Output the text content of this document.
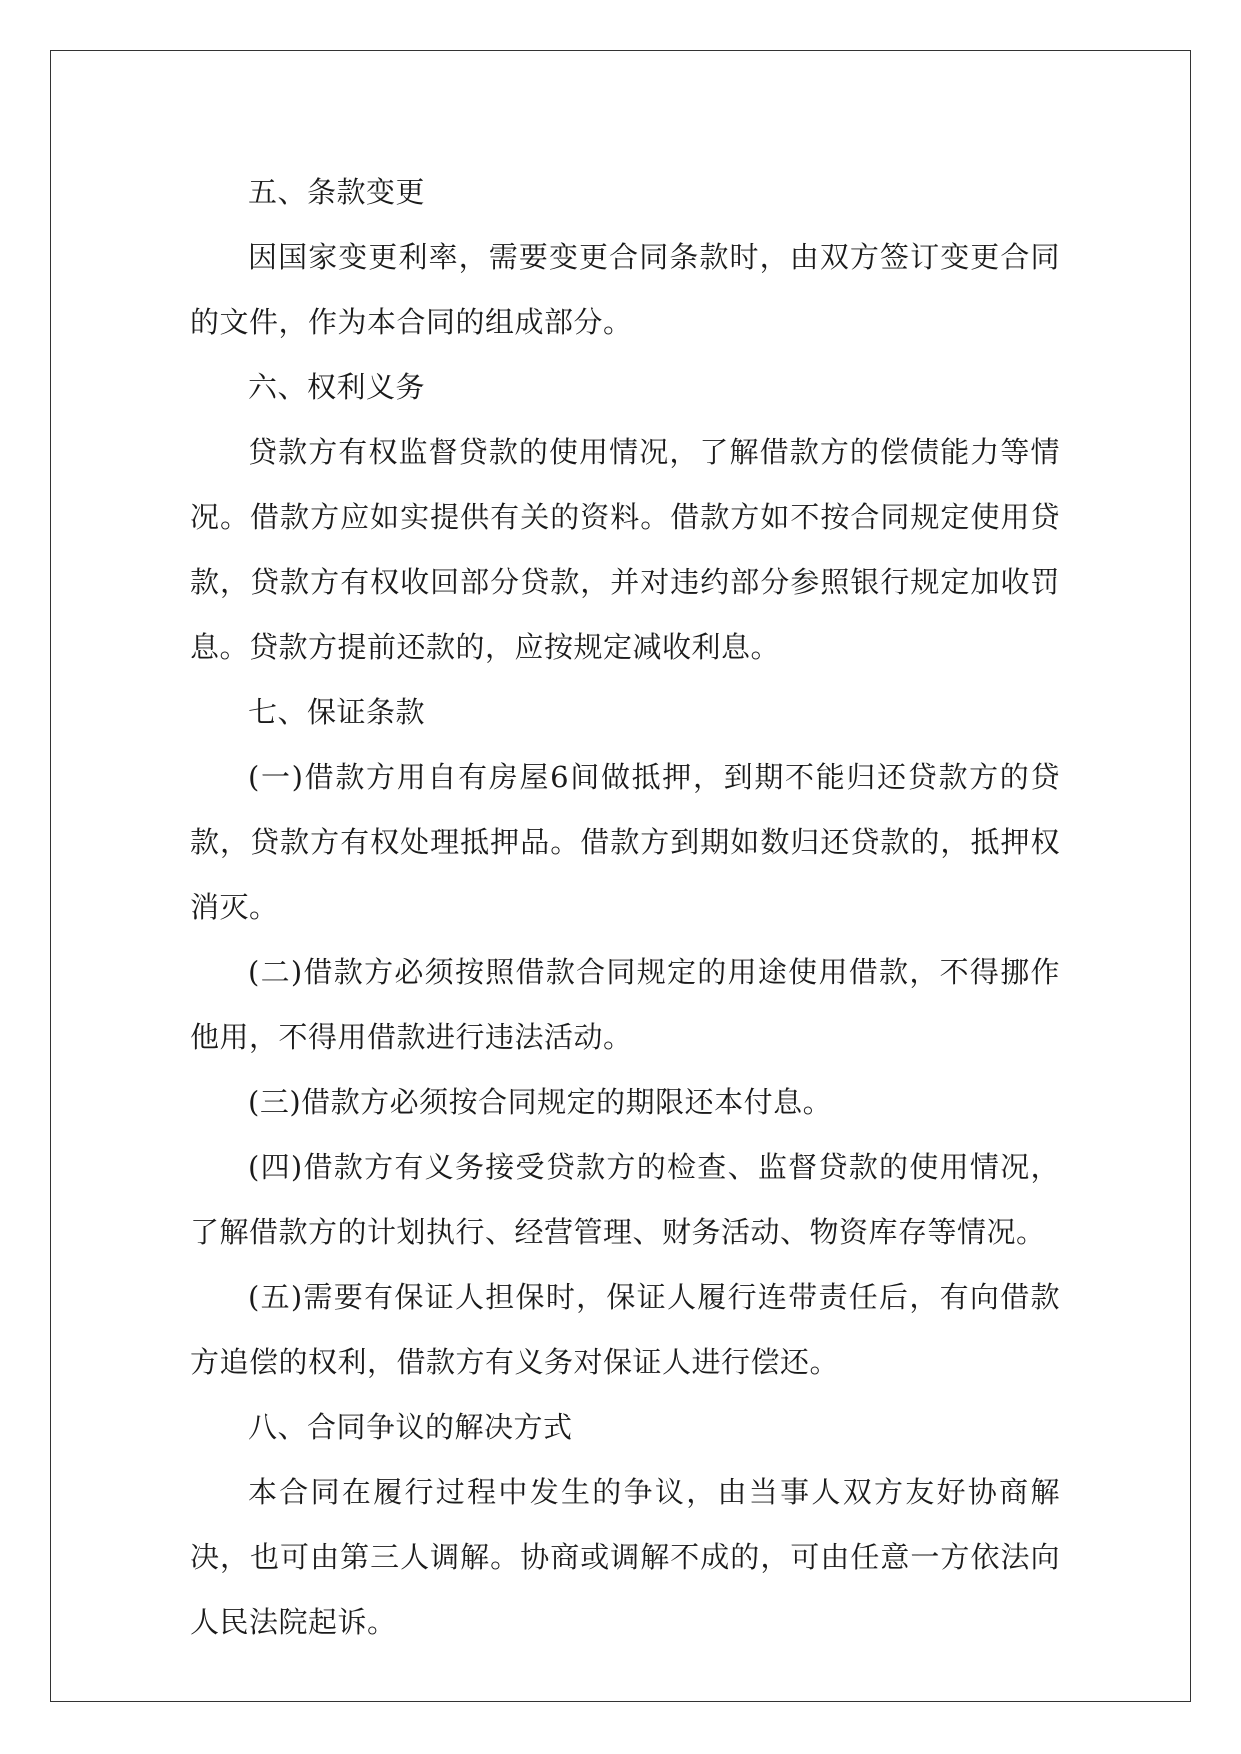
五、条款变更

因国家变更利率，需要变更合同条款时，由双方签订变更合同的文件，作为本合同的组成部分。

六、权利义务

贷款方有权监督贷款的使用情况，了解借款方的偿债能力等情况。借款方应如实提供有关的资料。借款方如不按合同规定使用贷款，贷款方有权收回部分贷款，并对违约部分参照银行规定加收罚息。贷款方提前还款的，应按规定减收利息。

七、保证条款

(一)借款方用自有房屋6间做抵押，到期不能归还贷款方的贷款，贷款方有权处理抵押品。借款方到期如数归还贷款的，抵押权消灭。

(二)借款方必须按照借款合同规定的用途使用借款，不得挪作他用，不得用借款进行违法活动。

(三)借款方必须按合同规定的期限还本付息。

(四)借款方有义务接受贷款方的检查、监督贷款的使用情况，了解借款方的计划执行、经营管理、财务活动、物资库存等情况。

(五)需要有保证人担保时，保证人履行连带责任后，有向借款方追偿的权利，借款方有义务对保证人进行偿还。

八、合同争议的解决方式

本合同在履行过程中发生的争议，由当事人双方友好协商解决，也可由第三人调解。协商或调解不成的，可由任意一方依法向人民法院起诉。
